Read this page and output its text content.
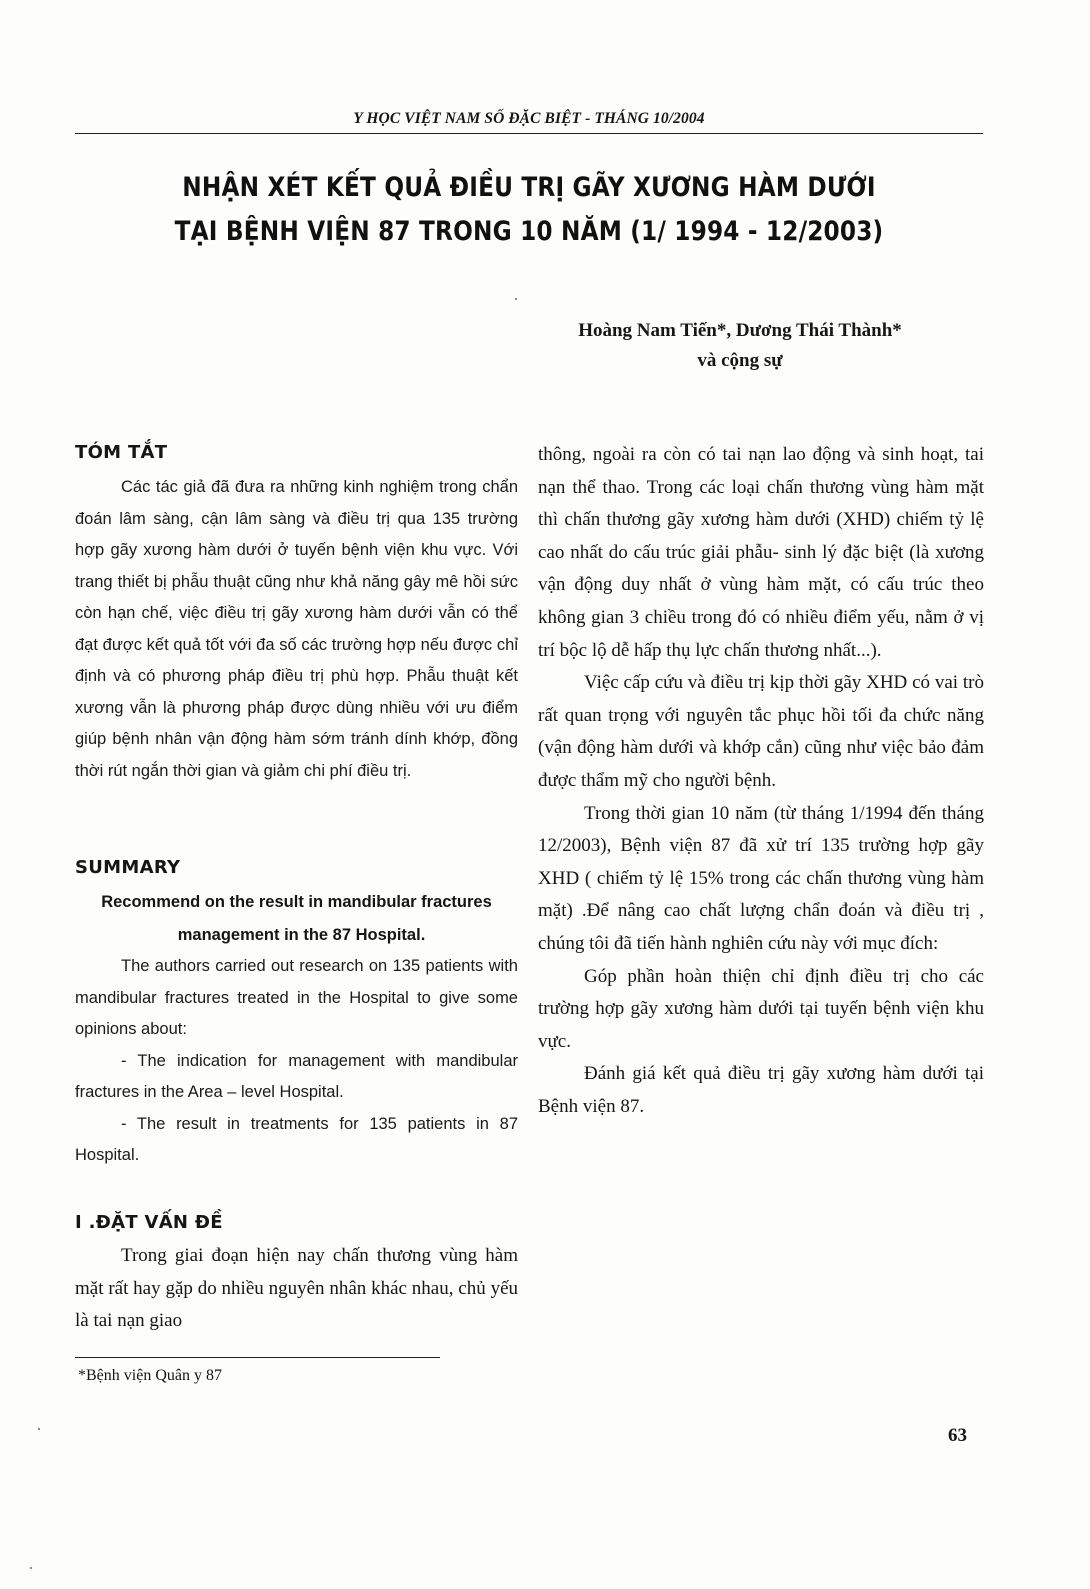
Y HỌC VIỆT NAM SỐ ĐẶC BIỆT - THÁNG 10/2004
NHẬN XÉT KẾT QUẢ ĐIỀU TRỊ GÃY XƯƠNG HÀM DƯỚI
TẠI BỆNH VIỆN 87 TRONG 10 NĂM (1/ 1994 - 12/2003)
Hoàng Nam Tiến*, Dương Thái Thành*
và cộng sự
TÓM TẮT

Các tác giả đã đưa ra những kinh nghiệm trong chẩn đoán lâm sàng, cận lâm sàng và điều trị qua 135 trường hợp gãy xương hàm dưới ở tuyến bệnh viện khu vực. Với trang thiết bị phẫu thuật cũng như khả năng gây mê hồi sức còn hạn chế, việc điều trị gãy xương hàm dưới vẫn có thể đạt được kết quả tốt với đa số các trường hợp nếu được chỉ định và có phương pháp điều trị phù hợp. Phẫu thuật kết xương vẫn là phương pháp được dùng nhiều với ưu điểm giúp bệnh nhân vận động hàm sớm tránh dính khớp, đồng thời rút ngắn thời gian và giảm chi phí điều trị.

SUMMARY
Recommend on the result in mandibular fractures
management in the 87 Hospital.

The authors carried out research on 135 patients with mandibular fractures treated in the Hospital to give some opinions about:

- The indication for management with mandibular fractures in the Area – level Hospital.

- The result in treatments for 135 patients in 87 Hospital.

I .ĐẶT VẤN ĐỀ

Trong giai đoạn hiện nay chấn thương vùng hàm mặt rất hay gặp do nhiều nguyên nhân khác nhau, chủ yếu là tai nạn giao

thông, ngoài ra còn có tai nạn lao động và sinh hoạt, tai nạn thể thao. Trong các loại chấn thương vùng hàm mặt thì chấn thương gãy xương hàm dưới (XHD) chiếm tỷ lệ cao nhất do cấu trúc giải phẫu- sinh lý đặc biệt (là xương vận động duy nhất ở vùng hàm mặt, có cấu trúc theo không gian 3 chiều trong đó có nhiều điểm yếu, nằm ở vị trí bộc lộ dễ hấp thụ lực chấn thương nhất...).

Việc cấp cứu và điều trị kịp thời gãy XHD có vai trò rất quan trọng với nguyên tắc phục hồi tối đa chức năng (vận động hàm dưới và khớp cắn) cũng như việc bảo đảm được thẩm mỹ cho người bệnh.

Trong thời gian 10 năm (từ tháng 1/1994 đến tháng 12/2003), Bệnh viện 87 đã xử trí 135 trường hợp gãy XHD ( chiếm tỷ lệ 15% trong các chấn thương vùng hàm mặt) .Để nâng cao chất lượng chẩn đoán và điều trị , chúng tôi đã tiến hành nghiên cứu này với mục đích:

Góp phần hoàn thiện chỉ định điều trị cho các trường hợp gãy xương hàm dưới tại tuyến bệnh viện khu vực.

Đánh giá kết quả điều trị gãy xương hàm dưới tại Bệnh viện 87.

*Bệnh viện Quân y 87
63
